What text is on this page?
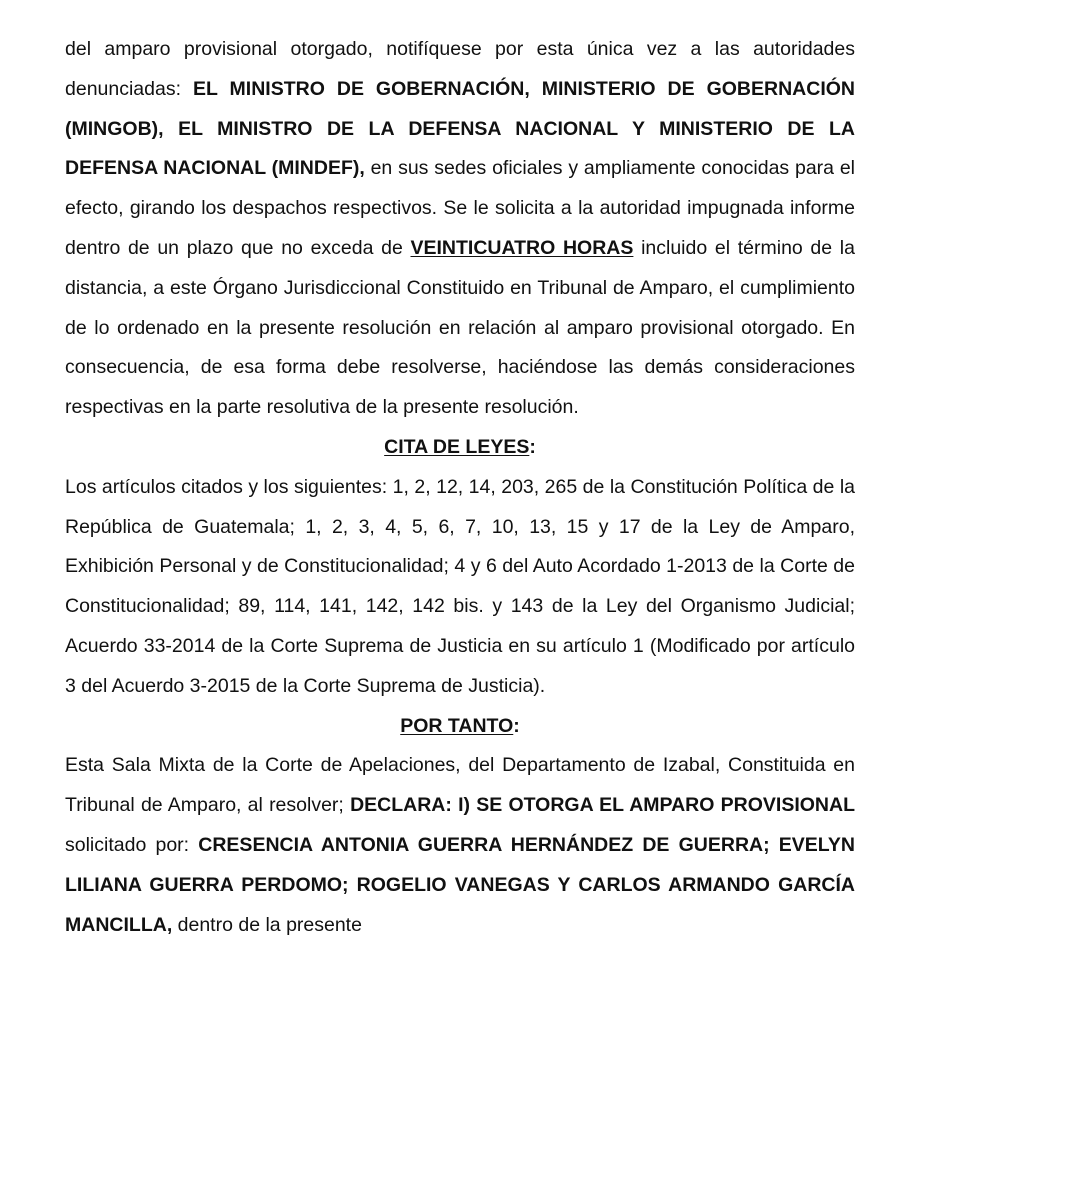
del amparo provisional otorgado, notifíquese por esta única vez a las autoridades denunciadas: EL MINISTRO DE GOBERNACIÓN, MINISTERIO DE GOBERNACIÓN (MINGOB), EL MINISTRO DE LA DEFENSA NACIONAL Y MINISTERIO DE LA DEFENSA NACIONAL (MINDEF), en sus sedes oficiales y ampliamente conocidas para el efecto, girando los despachos respectivos. Se le solicita a la autoridad impugnada informe dentro de un plazo que no exceda de VEINTICUATRO HORAS incluido el término de la distancia, a este Órgano Jurisdiccional Constituido en Tribunal de Amparo, el cumplimiento de lo ordenado en la presente resolución en relación al amparo provisional otorgado. En consecuencia, de esa forma debe resolverse, haciéndose las demás consideraciones respectivas en la parte resolutiva de la presente resolución.

CITA DE LEYES:

Los artículos citados y los siguientes: 1, 2, 12, 14, 203, 265 de la Constitución Política de la República de Guatemala; 1, 2, 3, 4, 5, 6, 7, 10, 13, 15 y 17 de la Ley de Amparo, Exhibición Personal y de Constitucionalidad; 4 y 6 del Auto Acordado 1-2013 de la Corte de Constitucionalidad; 89, 114, 141, 142, 142 bis. y 143 de la Ley del Organismo Judicial; Acuerdo 33-2014 de la Corte Suprema de Justicia en su artículo 1 (Modificado por artículo 3 del Acuerdo 3-2015 de la Corte Suprema de Justicia).

POR TANTO:

Esta Sala Mixta de la Corte de Apelaciones, del Departamento de Izabal, Constituida en Tribunal de Amparo, al resolver; DECLARA: I) SE OTORGA EL AMPARO PROVISIONAL solicitado por: CRESENCIA ANTONIA GUERRA HERNÁNDEZ DE GUERRA; EVELYN LILIANA GUERRA PERDOMO; ROGELIO VANEGAS Y CARLOS ARMANDO GARCÍA MANCILLA, dentro de la presente
